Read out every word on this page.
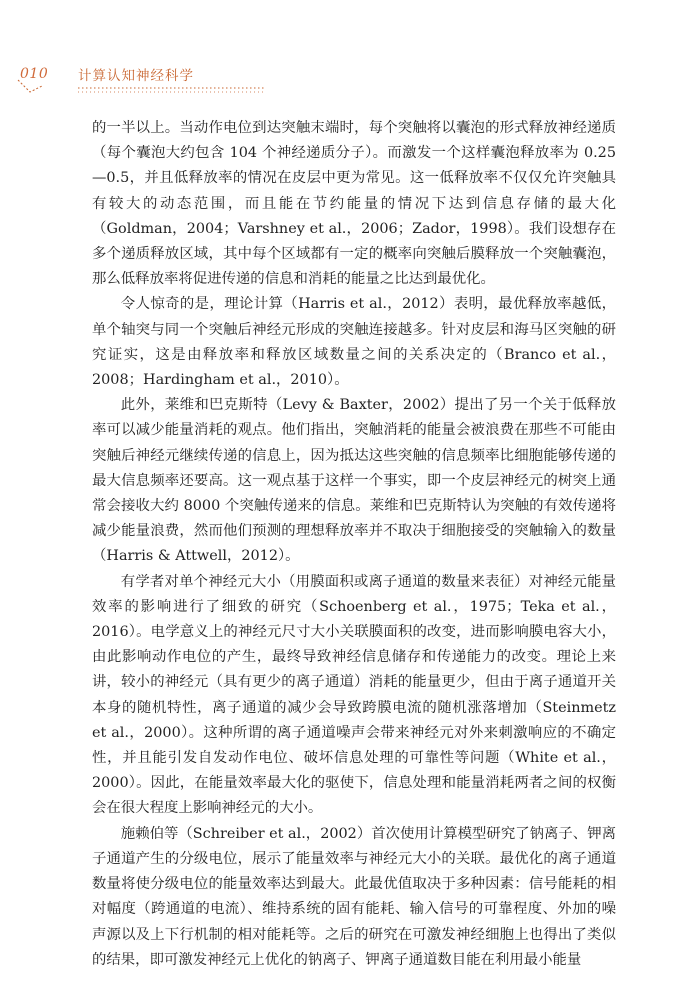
010 计算认知神经科学

的一半以上。当动作电位到达突触末端时，每个突触将以囊泡的形式释放神经递质（每个囊泡大约包含 104 个神经递质分子）。而激发一个这样囊泡释放率为 0.25—0.5，并且低释放率的情况在皮层中更为常见。这一低释放率不仅仅允许突触具有较大的动态范围，而且能在节约能量的情况下达到信息存储的最大化（Goldman，2004；Varshney et al.，2006；Zador，1998）。我们设想存在多个递质释放区域，其中每个区域都有一定的概率向突触后膜释放一个突触囊泡，那么低释放率将促进传递的信息和消耗的能量之比达到最优化。

令人惊奇的是，理论计算（Harris et al.，2012）表明，最优释放率越低，单个轴突与同一个突触后神经元形成的突触连接越多。针对皮层和海马区突触的研究证实，这是由释放率和释放区域数量之间的关系决定的（Branco et al.，2008；Hardingham et al.，2010）。

此外，莱维和巴克斯特（Levy & Baxter，2002）提出了另一个关于低释放率可以减少能量消耗的观点。他们指出，突触消耗的能量会被浪费在那些不可能由突触后神经元继续传递的信息上，因为抵达这些突触的信息频率比细胞能够传递的最大信息频率还要高。这一观点基于这样一个事实，即一个皮层神经元的树突上通常会接收大约 8000 个突触传递来的信息。莱维和巴克斯特认为突触的有效传递将减少能量浪费，然而他们预测的理想释放率并不取决于细胞接受的突触输入的数量（Harris & Attwell，2012）。

有学者对单个神经元大小（用膜面积或离子通道的数量来表征）对神经元能量效率的影响进行了细致的研究（Schoenberg et al.，1975；Teka et al.，2016）。电学意义上的神经元尺寸大小关联膜面积的改变，进而影响膜电容大小，由此影响动作电位的产生，最终导致神经信息储存和传递能力的改变。理论上来讲，较小的神经元（具有更少的离子通道）消耗的能量更少，但由于离子通道开关本身的随机特性，离子通道的减少会导致跨膜电流的随机涨落增加（Steinmetz et al.，2000）。这种所谓的离子通道噪声会带来神经元对外来刺激响应的不确定性，并且能引发自发动作电位、破坏信息处理的可靠性等问题（White et al.，2000）。因此，在能量效率最大化的驱使下，信息处理和能量消耗两者之间的权衡会在很大程度上影响神经元的大小。

施赖伯等（Schreiber et al.，2002）首次使用计算模型研究了钠离子、钾离子通道产生的分级电位，展示了能量效率与神经元大小的关联。最优化的离子通道数量将使分级电位的能量效率达到最大。此最优值取决于多种因素：信号能耗的相对幅度（跨通道的电流）、维持系统的固有能耗、输入信号的可靠程度、外加的噪声源以及上下行机制的相对能耗等。之后的研究在可激发神经细胞上也得出了类似的结果，即可激发神经元上优化的钠离子、钾离子通道数目能在利用最小能量
